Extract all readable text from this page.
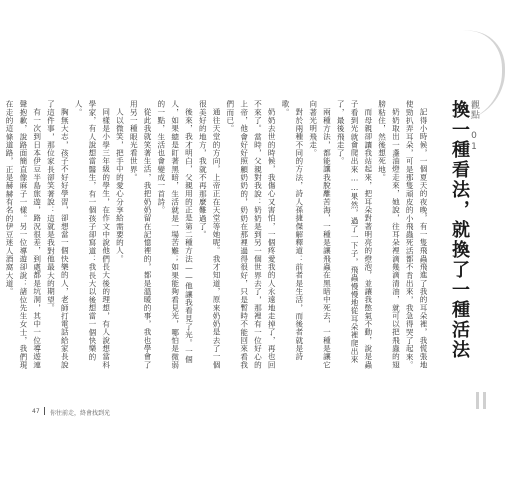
觀點 01
換一種看法，就換了一種活法

記得小時候，一個夏天的夜晚，有一隻飛蟲飛進了我的耳朵裡，我慌張地使勁扒弄耳朵，可是那隻頑皮的小飛蟲死活都不肯出來，我急得哭了起來。

奶奶取出一盞油燈走來，她說，往耳朵裡滴幾滴清油，就可以把飛蟲的翅膀粘住，然後想死地。

而母親卻讓我站起來，把耳朵對著明亮的燈泡，並讓我憋氣不動，說是蟲子看到光就會爬出來……果然，過了一下子，飛蟲慢慢地從耳朵裡爬出來了，最後飛走了。

兩種方法，都能讓我脫離苦海，一種是讓飛蟲在黑暗中死去，一種是讓它向著光明飛走。

對於兩種不同的方法，詩人孫捷傑解釋道：前者是生活，而後者就是詩歌。

奶奶去世的時候，我傷心又害怕，一個疼愛我的人永遠地走掉了，再也回不來了。當時，父親對我說：奶奶是到另一個世界去了，那裡有一位好心的上帝，他會好好照顧奶奶的，奶奶在那裡過得很好，只是暫時不能回來看我們而已。

通往天堂的方向，上帝正在天堂等她呢。我才知道，原來奶奶是去了一個很美好的地方，我就不再那麼難過了。

後來，我才明白，父親用的正是第二種方法——他讓我看見了光。一個人，如果總是盯著黑暗，生活就是一場苦難；如果能夠看見光，哪怕是微弱的一點，生活也會變成一首詩。

從此我就笑著生活，我把奶奶留在記憶裡的，都是溫暖的事，我也學會了用另一種眼光看世界。

人以微笑，把手中的愛心分享給需要的人。

同樣是小學三年級的學生，在作文中說他們長大後的理想，有人說想當科學家，有人說想當醫生，有一個孩子卻寫道：我長大以後想當一個快樂的人。

胸無大志，孩子不好好學習，卻想當一個快樂的人，老師打電話給家長說了這件事，那位家長卻笑著說：這就是我對他最大的期望。

有一次到日本伊豆半島旅遊，路況很差，到處都是坑洞，其中一位導遊連聲抱歉，說路面簡直像麻子一樣。另一位導遊卻說：諸位先生女士，我們現在走的這條道路，正是赫赫有名的伊豆迷人酒窩大道。

47 你往前走，終會找到光
